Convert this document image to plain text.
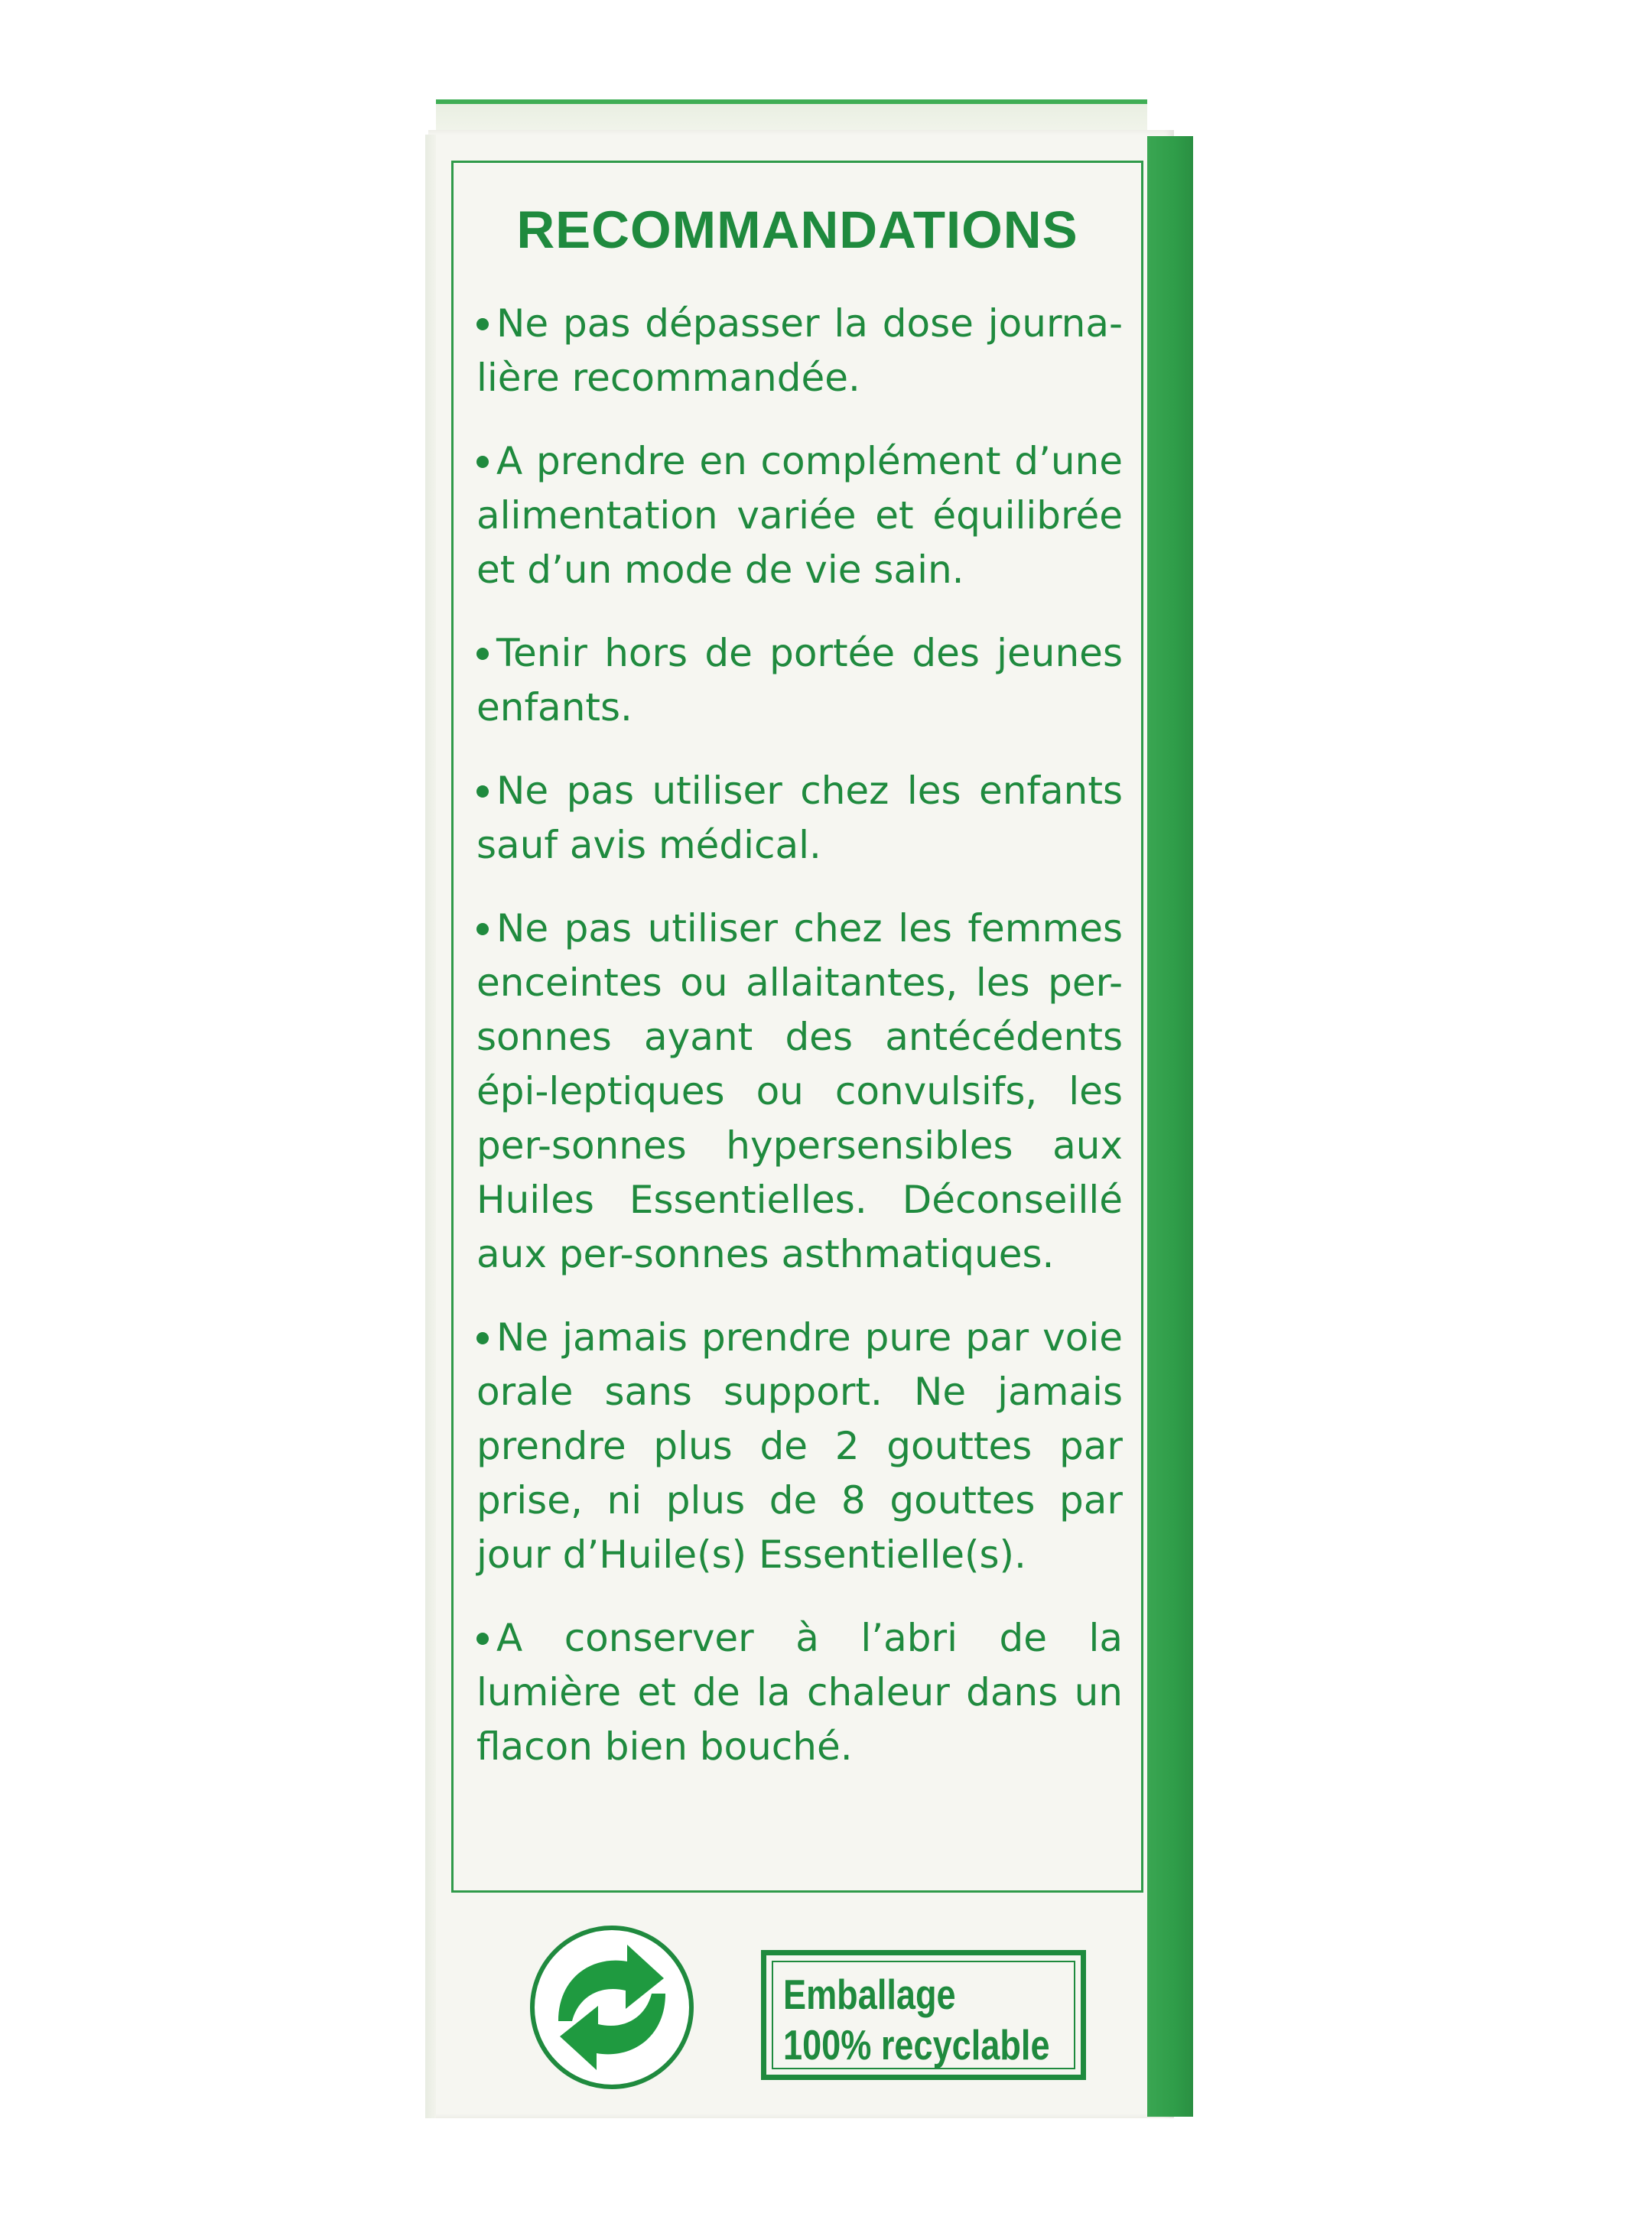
RECOMMANDATIONS
Ne pas dépasser la dose journa-lière recommandée.
A prendre en complément d’une alimentation variée et équilibrée et d’un mode de vie sain.
Tenir hors de portée des jeunes enfants.
Ne pas utiliser chez les enfants sauf avis médical.
Ne pas utiliser chez les femmes enceintes ou allaitantes, les per-sonnes ayant des antécédents épi-leptiques ou convulsifs, les per-sonnes hypersensibles aux Huiles Essentielles. Déconseillé aux per-sonnes asthmatiques.
Ne jamais prendre pure par voie orale sans support. Ne jamais prendre plus de 2 gouttes par prise, ni plus de 8 gouttes par jour d’Huile(s) Essentielle(s).
A conserver à l’abri de la lumière et de la chaleur dans un flacon bien bouché.
Emballage
100% recyclable
